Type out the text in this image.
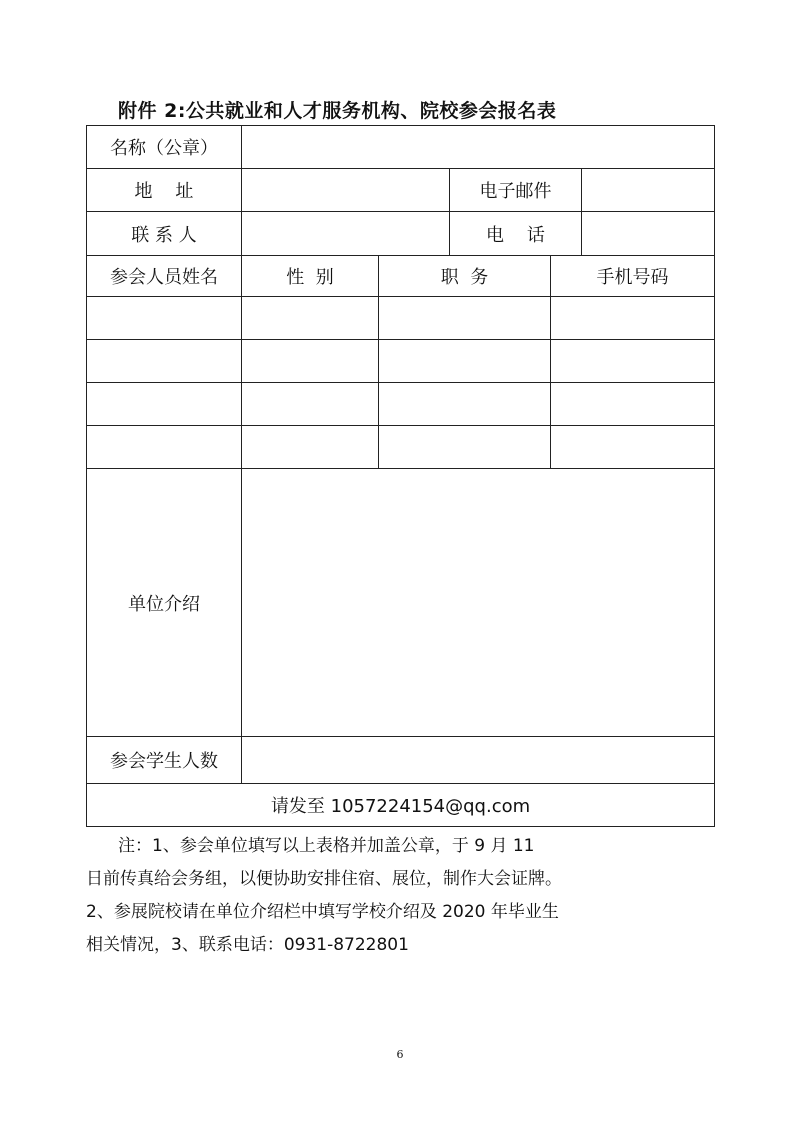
附件 2:公共就业和人才服务机构、院校参会报名表
名称（公章）					
地    址			电子邮件		
联 系 人			电    话		
参会人员姓名	性  别	职  务		手机号码	

单位介绍					
参会学生人数					
请发至 1057224154@qq.com					
注：1、参会单位填写以上表格并加盖公章，于 9 月 11
日前传真给会务组，以便协助安排住宿、展位，制作大会证牌。
2、参展院校请在单位介绍栏中填写学校介绍及 2020 年毕业生
相关情况，3、联系电话：0931-8722801
6
